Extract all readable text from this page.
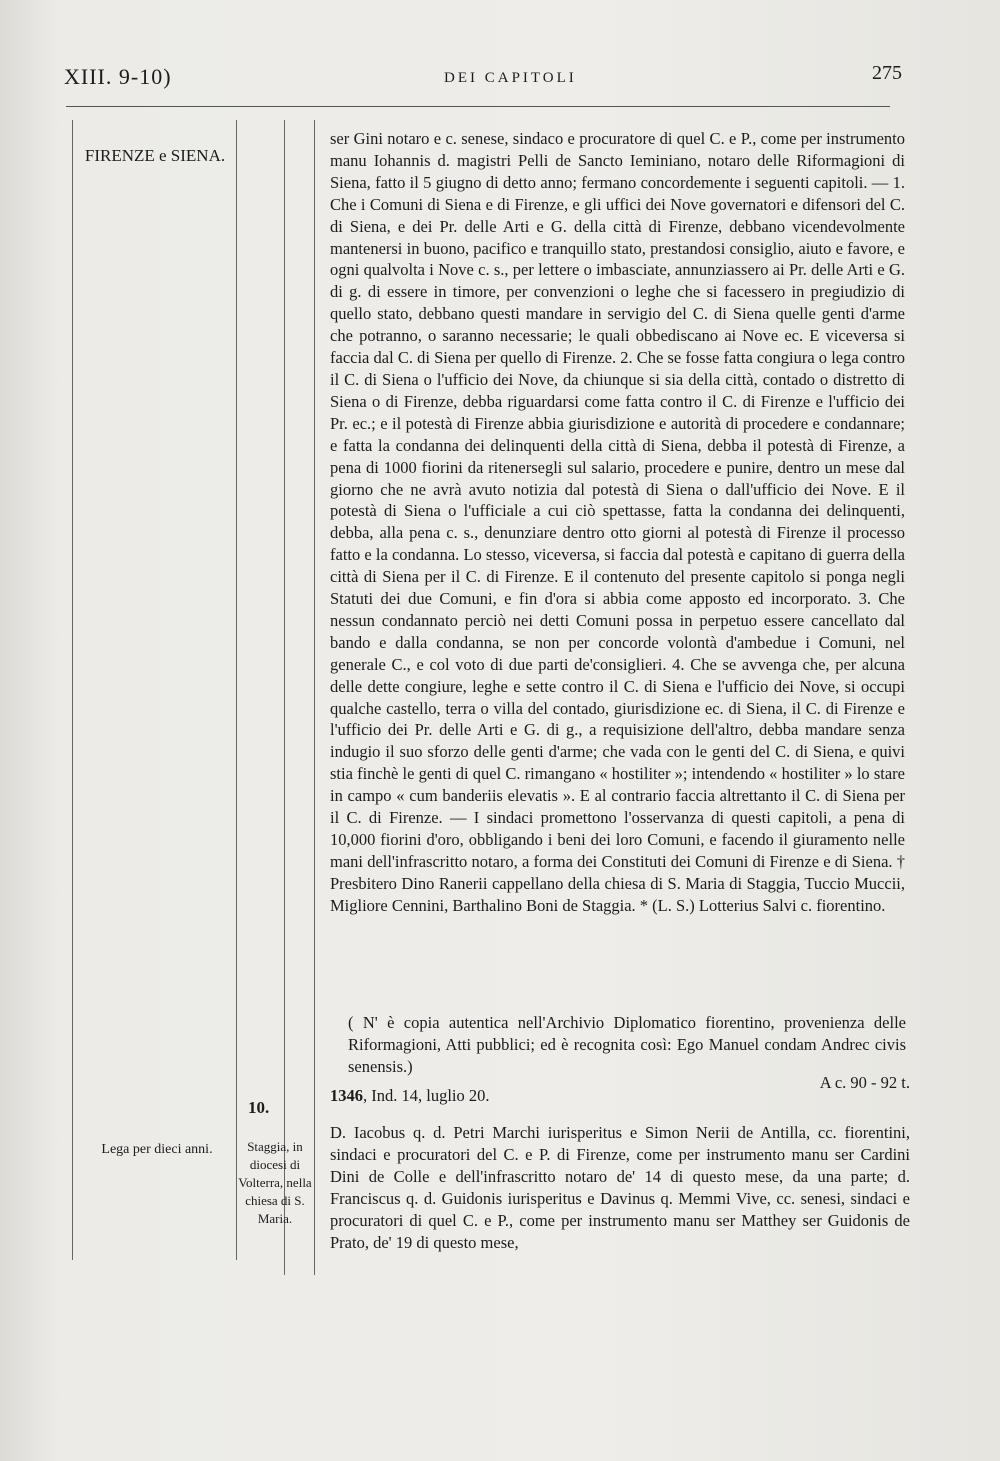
XIII. 9-10)	DEI CAPITOLI	275
FIRENZE e SIENA.

ser Gini notaro e c. senese, sindaco e procuratore di quel C. e P., come per instrumento manu Iohannis d. magistri Pelli de Sancto Ieminiano, notaro delle Riformagioni di Siena, fatto il 5 giugno di detto anno; fermano concordemente i seguenti capitoli. — 1. Che i Comuni di Siena e di Firenze, e gli uffici dei Nove governatori e difensori del C. di Siena, e dei Pr. delle Arti e G. della città di Firenze, debbano vicendevolmente mantenersi in buono, pacifico e tranquillo stato, prestandosi consiglio, aiuto e favore, e ogni qualvolta i Nove c. s., per lettere o imbasciate, annunziassero ai Pr. delle Arti e G. di g. di essere in timore, per convenzioni o leghe che si facessero in pregiudizio di quello stato, debbano questi mandare in servigio del C. di Siena quelle genti d'arme che potranno, o saranno necessarie; le quali obbediscano ai Nove ec. E viceversa si faccia dal C. di Siena per quello di Firenze. 2. Che se fosse fatta congiura o lega contro il C. di Siena o l'ufficio dei Nove, da chiunque si sia della città, contado o distretto di Siena o di Firenze, debba riguardarsi come fatta contro il C. di Firenze e l'ufficio dei Pr. ec.; e il potestà di Firenze abbia giurisdizione e autorità di procedere e condannare; e fatta la condanna dei delinquenti della città di Siena, debba il potestà di Firenze, a pena di 1000 fiorini da ritenersegli sul salario, procedere e punire, dentro un mese dal giorno che ne avrà avuto notizia dal potestà di Siena o dall'ufficio dei Nove. E il potestà di Siena o l'ufficiale a cui ciò spettasse, fatta la condanna dei delinquenti, debba, alla pena c. s., denunziare dentro otto giorni al potestà di Firenze il processo fatto e la condanna. Lo stesso, viceversa, si faccia dal potestà e capitano di guerra della città di Siena per il C. di Firenze. E il contenuto del presente capitolo si ponga negli Statuti dei due Comuni, e fin d'ora si abbia come apposto ed incorporato. 3. Che nessun condannato perciò nei detti Comuni possa in perpetuo essere cancellato dal bando e dalla condanna, se non per concorde volontà d'ambedue i Comuni, nel generale C., e col voto di due parti de'consiglieri. 4. Che se avvenga che, per alcuna delle dette congiure, leghe e sette contro il C. di Siena e l'ufficio dei Nove, si occupi qualche castello, terra o villa del contado, giurisdizione ec. di Siena, il C. di Firenze e l'ufficio dei Pr. delle Arti e G. di g., a requisizione dell'altro, debba mandare senza indugio il suo sforzo delle genti d'arme; che vada con le genti del C. di Siena, e quivi stia finchè le genti di quel C. rimangano « hostiliter »; intendendo « hostiliter » lo stare in campo « cum banderiis elevatis ». E al contrario faccia altrettanto il C. di Siena per il C. di Firenze. — I sindaci promettono l'osservanza di questi capitoli, a pena di 10,000 fiorini d'oro, obbligando i beni dei loro Comuni, e facendo il giuramento nelle mani dell'infrascritto notaro, a forma dei Constituti dei Comuni di Firenze e di Siena. † Presbitero Dino Ranerii cappellano della chiesa di S. Maria di Staggia, Tuccio Muccii, Migliore Cennini, Barthalino Boni de Staggia. * (L. S.) Lotterius Salvi c. fiorentino.

( N' è copia autentica nell'Archivio Diplomatico fiorentino, provenienza delle Riformagioni, Atti pubblici; ed è recognita così: Ego Manuel condam Andrec civis senensis.)
A c. 90 - 92 t.
10.
1346, Ind. 14, luglio 20.
Lega per dieci anni.	Staggia, in diocesi di Volterra, nella chiesa di S. Maria.
D. Iacobus q. d. Petri Marchi iurisperitus e Simon Nerii de Antilla, cc. fiorentini, sindaci e procuratori del C. e P. di Firenze, come per instrumento manu ser Cardini Dini de Colle e dell'infrascritto notaro de' 14 di questo mese, da una parte; d. Franciscus q. d. Guidonis iurisperitus e Davinus q. Memmi Vive, cc. senesi, sindaci e procuratori di quel C. e P., come per instrumento manu ser Matthey ser Guidonis de Prato, de' 19 di questo mese,
